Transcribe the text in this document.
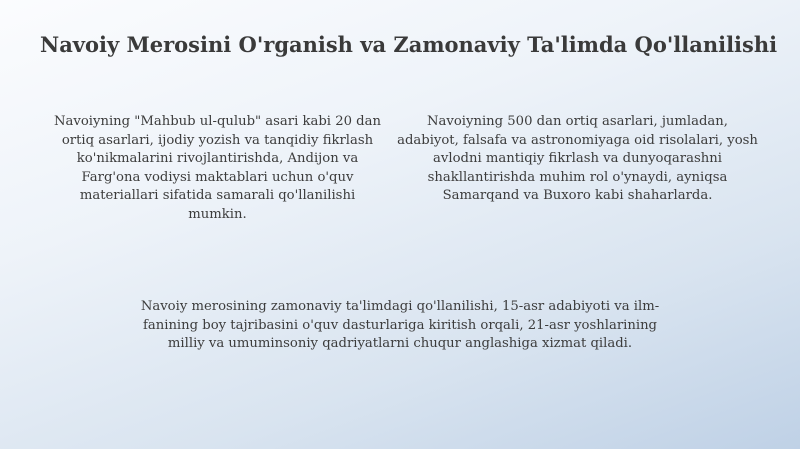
Navoiy Merosini O'rganish va Zamonaviy Ta'limda Qo'llanilishi

Navoiyning "Mahbub ul-qulub" asari kabi 20 dan ortiq asarlari, ijodiy yozish va tanqidiy fikrlash ko'nikmalarini rivojlantirishda, Andijon va Farg'ona vodiysi maktablari uchun o'quv materiallari sifatida samarali qo'llanilishi mumkin.

Navoiyning 500 dan ortiq asarlari, jumladan, adabiyot, falsafa va astronomiyaga oid risolalari, yosh avlodni mantiqiy fikrlash va dunyoqarashni shakllantirishda muhim rol o'ynaydi, ayniqsa Samarqand va Buxoro kabi shaharlarda.

Navoiy merosining zamonaviy ta'limdagi qo'llanilishi, 15-asr adabiyoti va ilm-fanining boy tajribasini o'quv dasturlariga kiritish orqali, 21-asr yoshlarining milliy va umuminsoniy qadriyatlarni chuqur anglashiga xizmat qiladi.
